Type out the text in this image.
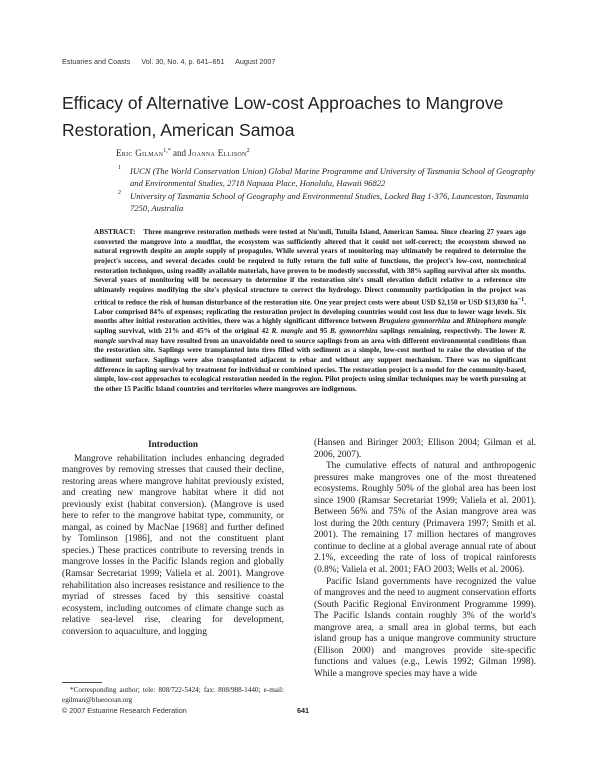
Estuaries and Coasts Vol. 30, No. 4, p. 641–651 August 2007
Efficacy of Alternative Low-cost Approaches to Mangrove Restoration, American Samoa
Eric Gilman$^{1,*}$ and Joanna Ellison$^2$
1 IUCN (The World Conservation Union) Global Marine Programme and University of Tasmania School of Geography and Environmental Studies, 2718 Napuaa Place, Honolulu, Hawaii 96822
2 University of Tasmania School of Geography and Environmental Studies, Locked Bag 1-376, Launceston, Tasmania 7250, Australia
ABSTRACT: Three mangrove restoration methods were tested at Nu'uuli, Tutuila Island, American Samoa. Since clearing 27 years ago converted the mangrove into a mudflat, the ecosystem was sufficiently altered that it could not self-correct; the ecosystem showed no natural regrowth despite an ample supply of propagules. While several years of monitoring may ultimately be required to determine the project's success, and several decades could be required to fully return the full suite of functions, the project's low-cost, nontechnical restoration techniques, using readily available materials, have proven to be modestly successful, with 38% sapling survival after six months. Several years of monitoring will be necessary to determine if the restoration site's small elevation deficit relative to a reference site ultimately requires modifying the site's physical structure to correct the hydrology. Direct community participation in the project was critical to reduce the risk of human disturbance of the restoration site. One year project costs were about USD $2,150 or USD $13,030 $ha^{-1}$. Labor comprised 84% of expenses; replicating the restoration project in developing countries would cost less due to lower wage levels. Six months after initial restoration activities, there was a highly significant difference between Bruguiera gymnorrhiza and Rhizophora mangle sapling survival, with 21% and 45% of the original 42 R. mangle and 95 B. gymnorrhiza saplings remaining, respectively. The lower R. mangle survival may have resulted from an unavoidable need to source saplings from an area with different environmental conditions than the restoration site. Saplings were transplanted into tires filled with sediment as a simple, low-cost method to raise the elevation of the sediment surface. Saplings were also transplanted adjacent to rebar and without any support mechanism. There was no significant difference in sapling survival by treatment for individual or combined species. The restoration project is a model for the community-based, simple, low-cost approaches to ecological restoration needed in the region. Pilot projects using similar techniques may be worth pursuing at the other 15 Pacific Island countries and territories where mangroves are indigenous.
Introduction

Mangrove rehabilitation includes enhancing degraded mangroves by removing stresses that caused their decline, restoring areas where mangrove habitat previously existed, and creating new mangrove habitat where it did not previously exist (habitat conversion). (Mangrove is used here to refer to the mangrove habitat type, community, or mangal, as coined by MacNae [1968] and further defined by Tomlinson [1986], and not the constituent plant species.) These practices contribute to reversing trends in mangrove losses in the Pacific Islands region and globally (Ramsar Secretariat 1999; Valiela et al. 2001). Mangrove rehabilitation also increases resistance and resilience to the myriad of stresses faced by this sensitive coastal ecosystem, including outcomes of climate change such as relative sea-level rise, clearing for development, conversion to aquaculture, and logging

(Hansen and Biringer 2003; Ellison 2004; Gilman et al. 2006, 2007).

The cumulative effects of natural and anthropogenic pressures make mangroves one of the most threatened ecosystems. Roughly 50% of the global area has been lost since 1900 (Ramsar Secretariat 1999; Valiela et al. 2001). Between 56% and 75% of the Asian mangrove area was lost during the 20th century (Primavera 1997; Smith et al. 2001). The remaining 17 million hectares of mangroves continue to decline at a global average annual rate of about 2.1%, exceeding the rate of loss of tropical rainforests (0.8%; Valiela et al. 2001; FAO 2003; Wells et al. 2006).

Pacific Island governments have recognized the value of mangroves and the need to augment conservation efforts (South Pacific Regional Environment Programme 1999). The Pacific Islands contain roughly 3% of the world's mangrove area, a small area in global terms, but each island group has a unique mangrove community structure (Ellison 2000) and mangroves provide site-specific functions and values (e.g., Lewis 1992; Gilman 1998). While a mangrove species may have a wide

*Corresponding author; tele: 808/722-5424; fax: 808/988-1440; e-mail: egilman@blueocean.org
© 2007 Estuarine Research Federation	641
